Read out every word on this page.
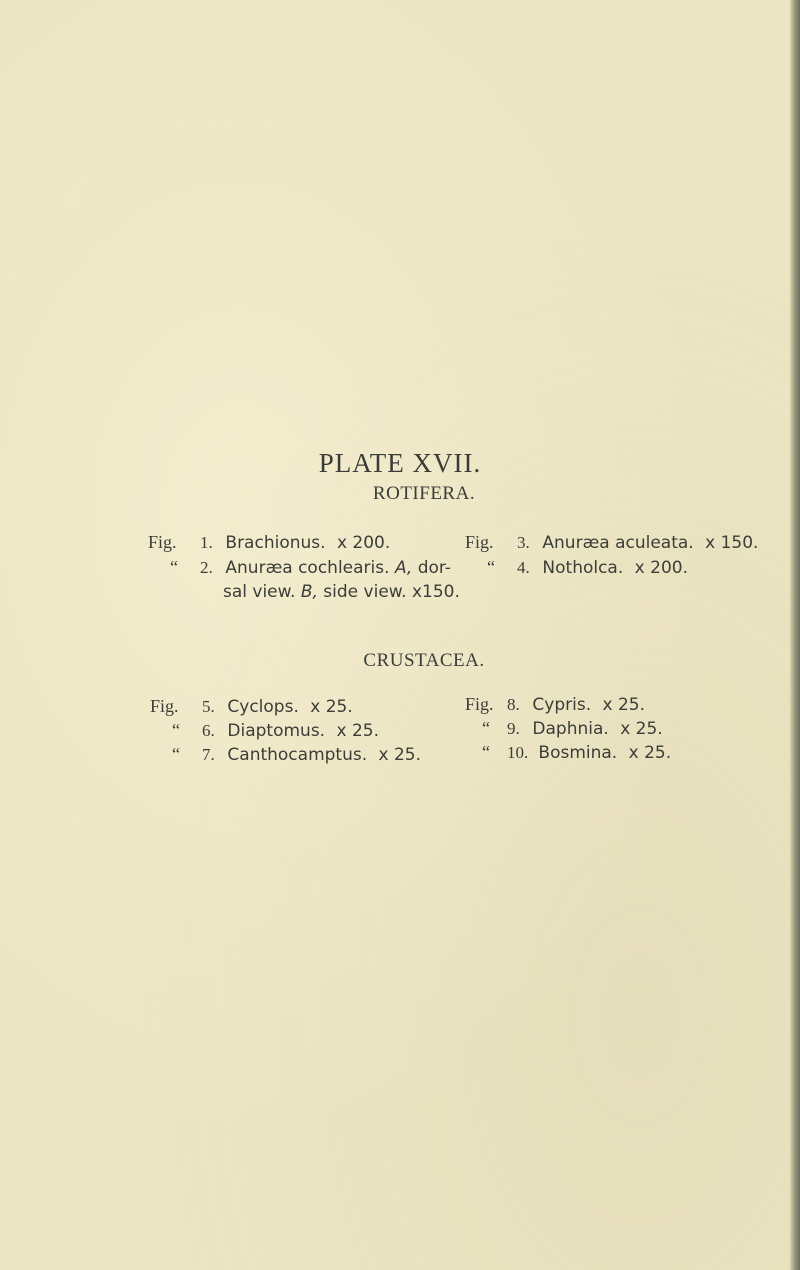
PLATE XVII.
ROTIFERA.
Fig. 1. Brachionus. x 200.
“ 2. Anuræa cochlearis. A, dor-
sal view. B, side view. x150.
Fig. 3. Anuræa aculeata. x 150.
“ 4. Notholca. x 200.
CRUSTACEA.
Fig. 5. Cyclops. x 25.
“ 6. Diaptomus. x 25.
“ 7. Canthocamptus. x 25.
Fig. 8. Cypris. x 25.
“ 9. Daphnia. x 25.
“ 10. Bosmina. x 25.
